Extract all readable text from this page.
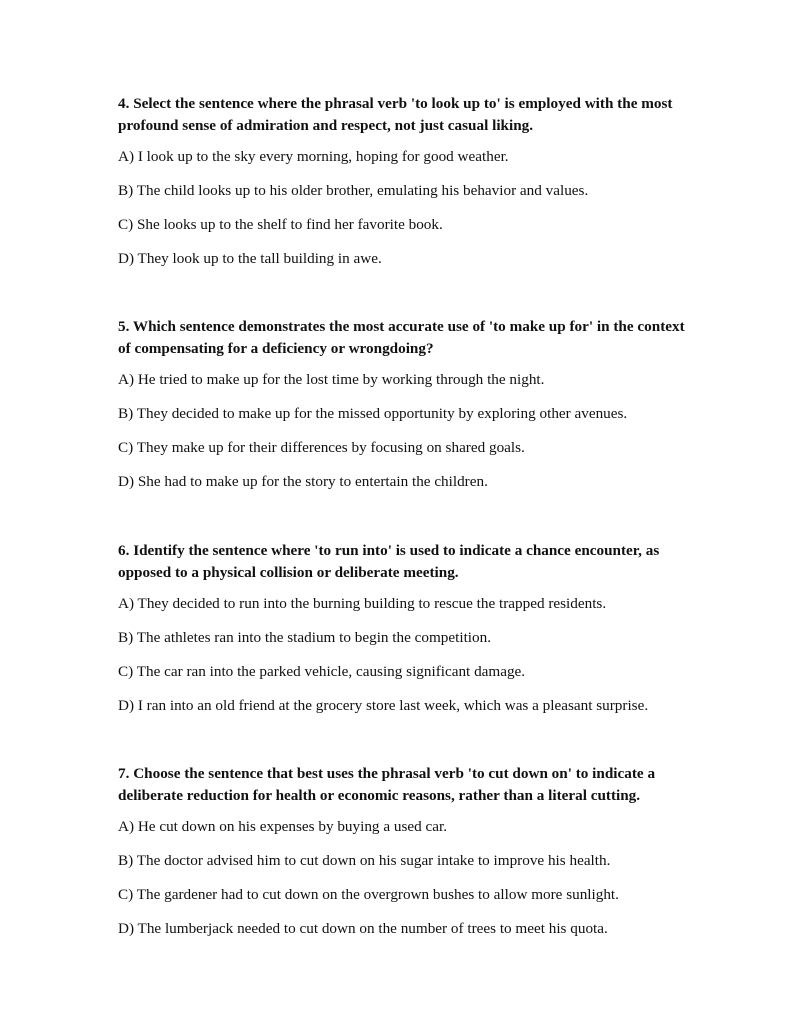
4. Select the sentence where the phrasal verb 'to look up to' is employed with the most profound sense of admiration and respect, not just casual liking.

A) I look up to the sky every morning, hoping for good weather.

B) The child looks up to his older brother, emulating his behavior and values.

C) She looks up to the shelf to find her favorite book.

D) They look up to the tall building in awe.

5. Which sentence demonstrates the most accurate use of 'to make up for' in the context of compensating for a deficiency or wrongdoing?

A) He tried to make up for the lost time by working through the night.

B) They decided to make up for the missed opportunity by exploring other avenues.

C) They make up for their differences by focusing on shared goals.

D) She had to make up for the story to entertain the children.

6. Identify the sentence where 'to run into' is used to indicate a chance encounter, as opposed to a physical collision or deliberate meeting.

A) They decided to run into the burning building to rescue the trapped residents.

B) The athletes ran into the stadium to begin the competition.

C) The car ran into the parked vehicle, causing significant damage.

D) I ran into an old friend at the grocery store last week, which was a pleasant surprise.

7. Choose the sentence that best uses the phrasal verb 'to cut down on' to indicate a deliberate reduction for health or economic reasons, rather than a literal cutting.

A) He cut down on his expenses by buying a used car.

B) The doctor advised him to cut down on his sugar intake to improve his health.

C) The gardener had to cut down on the overgrown bushes to allow more sunlight.

D) The lumberjack needed to cut down on the number of trees to meet his quota.
